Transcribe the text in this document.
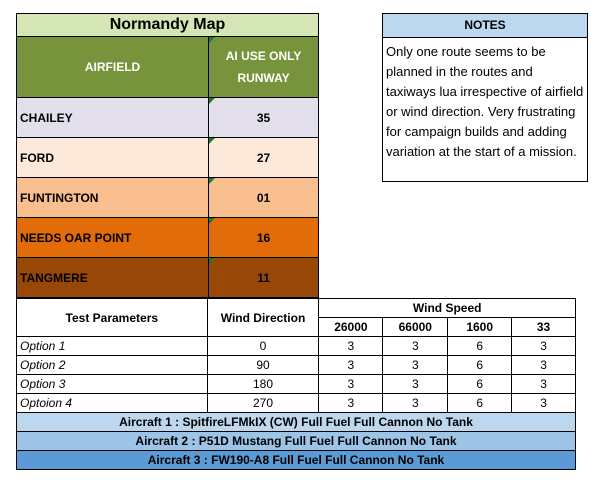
Normandy Map	
AIRFIELD	AI USE ONLY RUNWAY
CHAILEY	35
FORD	27
FUNTINGTON	01
NEEDS OAR POINT	16
TANGMERE	11
NOTES
Only one route seems to be planned in the routes and taxiways lua irrespective of airfield or wind direction. Very frustrating for campaign builds and adding variation at the start of a mission.
Test Parameters	Wind Direction	Wind Speed			
		26000	66000	1600	33
Option 1	0	3	3	6	3
Option 2	90	3	3	6	3
Option 3	180	3	3	6	3
Optoion 4	270	3	3	6	3
Aircraft 1 : SpitfireLFMkIX (CW) Full Fuel Full Cannon No Tank					
Aircraft 2 : P51D Mustang Full Fuel Full Cannon No Tank					
Aircraft 3 : FW190-A8 Full Fuel Full Cannon No Tank					
